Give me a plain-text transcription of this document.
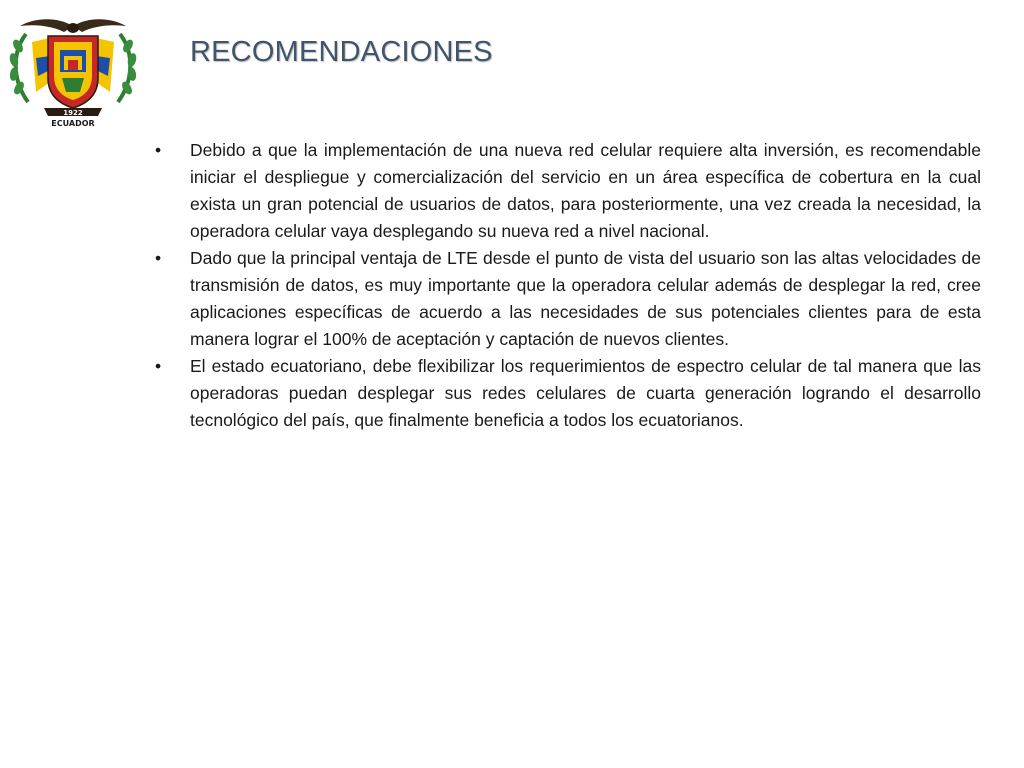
1922
ECUADOR
RECOMENDACIONES
• Debido a que la implementación de una nueva red celular requiere alta inversión, es recomendable iniciar el despliegue y comercialización del servicio en un área específica de cobertura en la cual exista un gran potencial de usuarios de datos, para posteriormente, una vez creada la necesidad, la operadora celular vaya desplegando su nueva red a nivel nacional.
• Dado que la principal ventaja de LTE desde el punto de vista del usuario son las altas velocidades de transmisión de datos, es muy importante que la operadora celular además de desplegar la red, cree aplicaciones específicas de acuerdo a las necesidades de sus potenciales clientes para de esta manera lograr el 100% de aceptación y captación de nuevos clientes.
• El estado ecuatoriano, debe flexibilizar los requerimientos de espectro celular de tal manera que las operadoras puedan desplegar sus redes celulares de cuarta generación logrando el desarrollo tecnológico del país, que finalmente beneficia a todos los ecuatorianos.
